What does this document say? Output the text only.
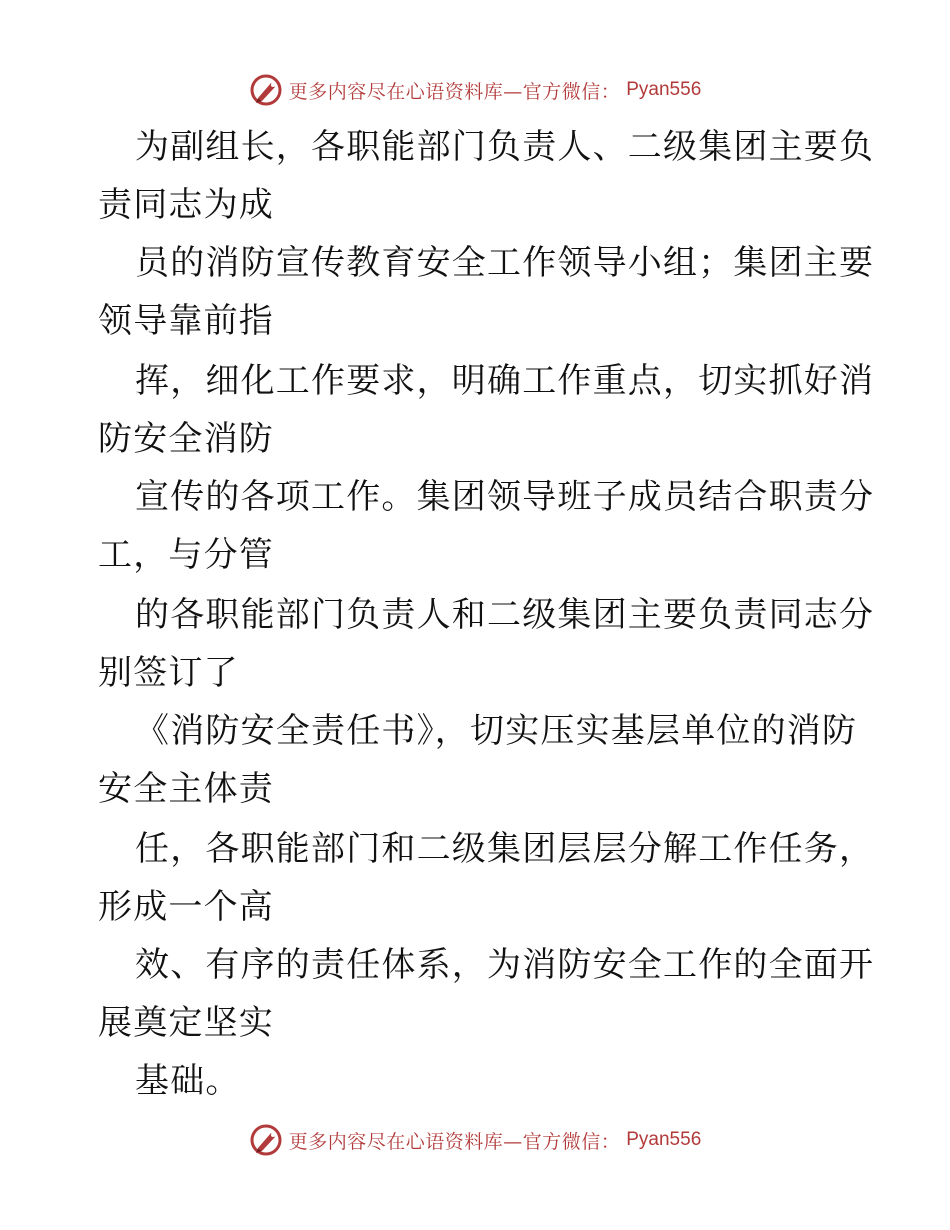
更多内容尽在心语资料库—官方微信： Pyan556
为副组长，各职能部门负责人、二级集团主要负
责同志为成
员的消防宣传教育安全工作领导小组；集团主要
领导靠前指
挥，细化工作要求，明确工作重点，切实抓好消
防安全消防
宣传的各项工作。集团领导班子成员结合职责分
工，与分管
的各职能部门负责人和二级集团主要负责同志分
别签订了
《消防安全责任书》，切实压实基层单位的消防
安全主体责
任，各职能部门和二级集团层层分解工作任务，
形成一个高
效、有序的责任体系，为消防安全工作的全面开
展奠定坚实
基础。
更多内容尽在心语资料库—官方微信： Pyan556
